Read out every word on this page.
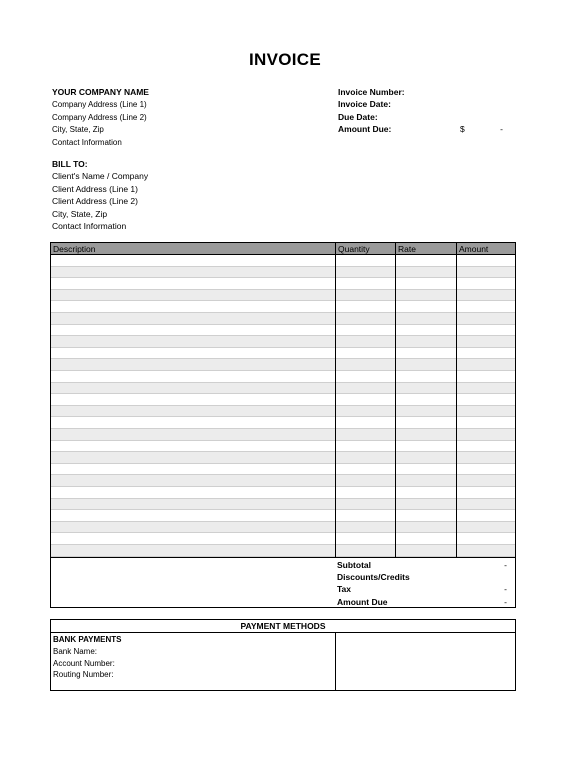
INVOICE
YOUR COMPANY NAME
Company Address (Line 1)
Company Address (Line 2)
City, State, Zip
Contact Information
Invoice Number:
Invoice Date:
Due Date:
Amount Due:	$	-
BILL TO:
Client's Name / Company
Client Address (Line 1)
Client Address (Line 2)
City, State, Zip
Contact Information
Description	Quantity	Rate	Amount
Subtotal	-
Discounts/Credits
Tax	-
Amount Due	-
PAYMENT METHODS
BANK PAYMENTS
Bank Name:
Account Number:
Routing Number:
